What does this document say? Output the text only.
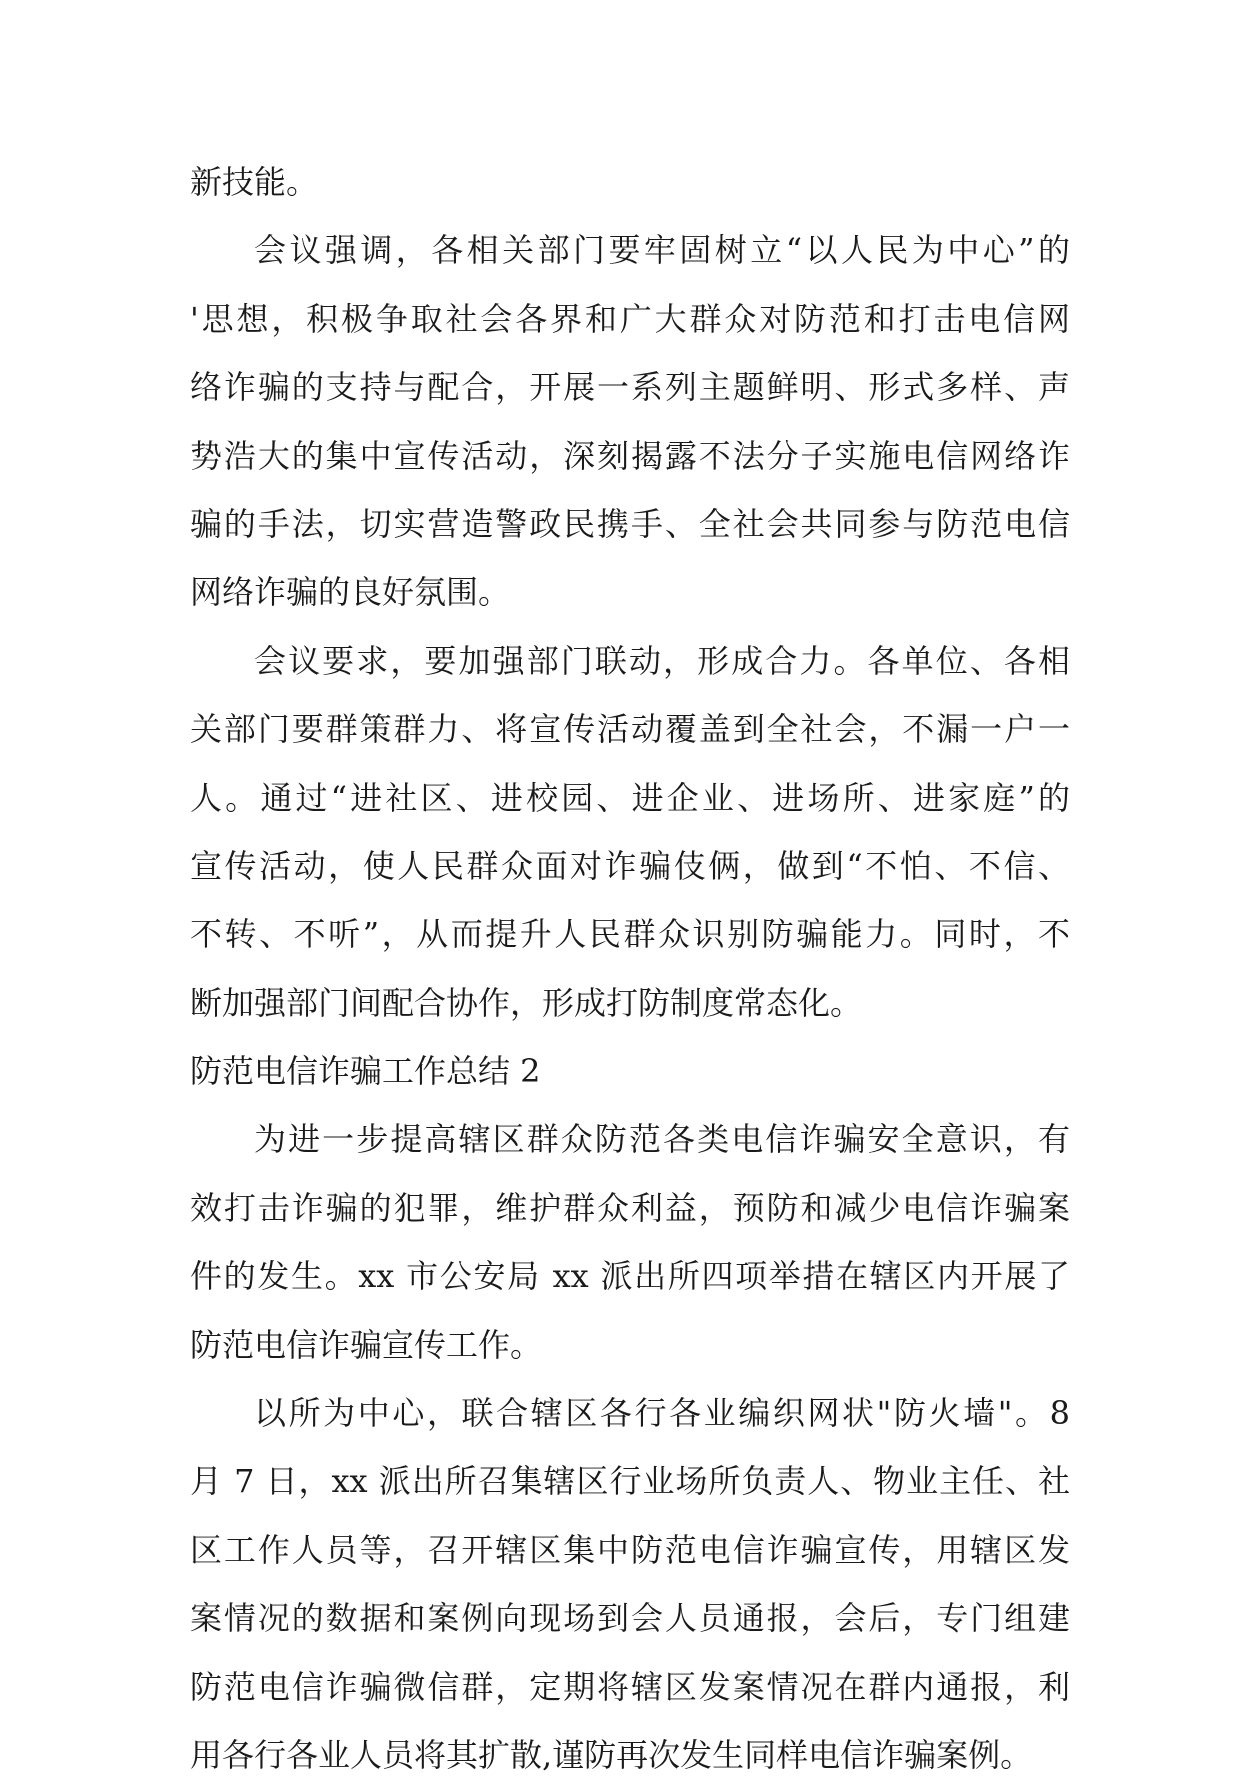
新技能。
会议强调，各相关部门要牢固树立“以人民为中心”的
'思想，积极争取社会各界和广大群众对防范和打击电信网
络诈骗的支持与配合，开展一系列主题鲜明、形式多样、声
势浩大的集中宣传活动，深刻揭露不法分子实施电信网络诈
骗的手法，切实营造警政民携手、全社会共同参与防范电信
网络诈骗的良好氛围。
会议要求，要加强部门联动，形成合力。各单位、各相
关部门要群策群力、将宣传活动覆盖到全社会，不漏一户一
人。通过“进社区、进校园、进企业、进场所、进家庭”的
宣传活动，使人民群众面对诈骗伎俩，做到“不怕、不信、
不转、不听”，从而提升人民群众识别防骗能力。同时，不
断加强部门间配合协作，形成打防制度常态化。
防范电信诈骗工作总结 2
为进一步提高辖区群众防范各类电信诈骗安全意识，有
效打击诈骗的犯罪，维护群众利益，预防和减少电信诈骗案
件的发生。xx 市公安局 xx 派出所四项举措在辖区内开展了
防范电信诈骗宣传工作。
以所为中心，联合辖区各行各业编织网状"防火墙"。8
月 7 日，xx 派出所召集辖区行业场所负责人、物业主任、社
区工作人员等，召开辖区集中防范电信诈骗宣传，用辖区发
案情况的数据和案例向现场到会人员通报，会后，专门组建
防范电信诈骗微信群，定期将辖区发案情况在群内通报，利
用各行各业人员将其扩散,谨防再次发生同样电信诈骗案例。
